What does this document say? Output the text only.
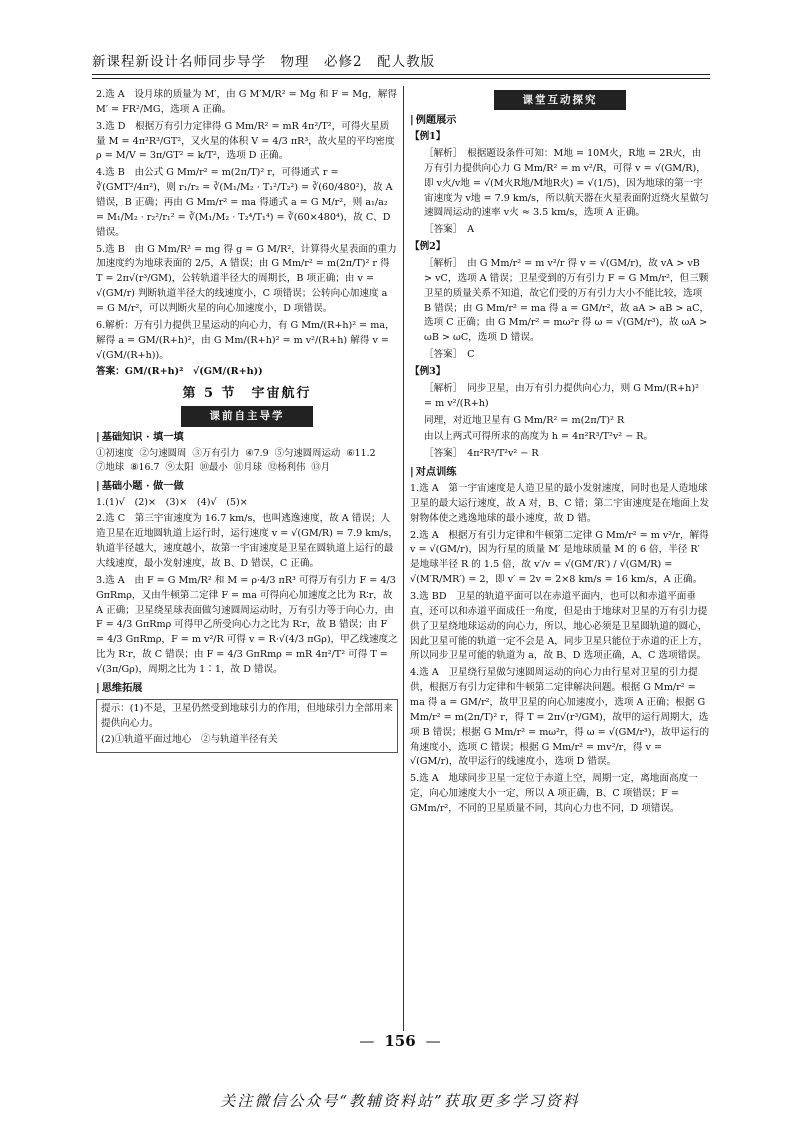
新课程新设计名师同步导学　物理　必修2　配人教版

2.选 A　设月球的质量为 M′，由 G M′M/R² = Mg 和 F = Mg，解得 M′ = FR²/MG，选项 A 正确。

3.选 D　根据万有引力定律得 G Mm/R² = mR 4π²/T²，可得火星质量 M = 4π²R³/GT²，又火星的体积 V = 4/3 πR³，故火星的平均密度 ρ = M/V = 3π/GT² = k/T²，选项 D 正确。

4.选 B　由公式 G Mm/r² = m(2π/T)² r，可得通式 r = ∛(GMT²/4π²)，则 r₁/r₂ = ∛(M₁/M₂ · T₁²/T₂²) = ∛(60/480²)，故 A 错误，B 正确；再由 G Mm/r² = ma 得通式 a = G M/r²，则 a₁/a₂ = M₁/M₂ · r₂²/r₁² = ∛(M₁/M₂ · T₂⁴/T₁⁴) = ∛(60×480⁴)，故 C、D 错误。

5.选 B　由 G Mm/R² = mg 得 g = G M/R²，计算得火星表面的重力加速度约为地球表面的 2/5，A 错误；由 G Mm/r² = m(2π/T)² r 得 T = 2π√(r³/GM)，公转轨道半径大的周期长，B 项正确；由 v = √(GM/r) 判断轨道半径大的线速度小，C 项错误；公转向心加速度 a = G M/r²，可以判断火星的向心加速度小，D 项错误。

6.解析：万有引力提供卫星运动的向心力，有 G Mm/(R+h)² = ma，解得 a = GM/(R+h)²，由 G Mm/(R+h)² = m v²/(R+h) 解得 v = √(GM/(R+h))。

答案：GM/(R+h)²　√(GM/(R+h))

第 5 节　宇宙航行
课前自主导学
| 基础知识 · 填一填
①初速度 ②匀速圆周 ③万有引力 ④7.9 ⑤匀速圆周运动 ⑥11.2
⑦地球 ⑧16.7 ⑨太阳 ⑩最小 ⑪月球 ⑫杨利伟 ⑬月
| 基础小题 · 做一做

1.(1)√　(2)×　(3)×　(4)√　(5)×

2.选 C　第三宇宙速度为 16.7 km/s，也叫逃逸速度，故 A 错误；人造卫星在近地圆轨道上运行时，运行速度 v = √(GM/R) = 7.9 km/s，轨道半径越大，速度越小，故第一宇宙速度是卫星在圆轨道上运行的最大线速度，最小发射速度，故 B、D 错误，C 正确。

3.选 A　由 F = G Mm/R² 和 M = ρ·4/3 πR³ 可得万有引力 F = 4/3 GπRmρ，又由牛顿第二定律 F = ma 可得向心加速度之比为 R∶r，故 A 正确；卫星绕星球表面做匀速圆周运动时，万有引力等于向心力，由 F = 4/3 GπRmρ 可得甲乙所受向心力之比为 R∶r，故 B 错误；由 F = 4/3 GπRmρ，F = m v²/R 可得 v = R·√(4/3 πGρ)，甲乙线速度之比为 R∶r，故 C 错误；由 F = 4/3 GπRmρ = mR 4π²/T² 可得 T = √(3π/Gρ)，周期之比为 1∶1，故 D 错误。

| 思维拓展

提示：(1)不是，卫星仍然受到地球引力的作用，但地球引力全部用来提供向心力。

(2)①轨道平面过地心　②与轨道半径有关

课堂互动探究
| 例题展示

【例1】

［解析］　根据题设条件可知：M地 = 10M火，R地 = 2R火，由万有引力提供向心力 G Mm/R² = m v²/R，可得 v = √(GM/R)，即 v火/v地 = √(M火R地/M地R火) = √(1/5)，因为地球的第一宇宙速度为 v地 = 7.9 km/s，所以航天器在火星表面附近绕火星做匀速圆周运动的速率 v火 ≈ 3.5 km/s，选项 A 正确。

［答案］　A

【例2】

［解析］　由 G Mm/r² = m v²/r 得 v = √(GM/r)，故 vA > vB > vC，选项 A 错误；卫星受到的万有引力 F = G Mm/r²，但三颗卫星的质量关系不知道，故它们受的万有引力大小不能比较，选项 B 错误；由 G Mm/r² = ma 得 a = GM/r²，故 aA > aB > aC，选项 C 正确；由 G Mm/r² = mω²r 得 ω = √(GM/r³)，故 ωA > ωB > ωC，选项 D 错误。

［答案］　C

【例3】

［解析］　同步卫星，由万有引力提供向心力，则 G Mm/(R+h)² = m v²/(R+h)

同理，对近地卫星有 G Mm/R² = m(2π/T)² R

由以上两式可得所求的高度为 h = 4π²R³/T²v² − R。

［答案］　4π²R³/T²v² − R

| 对点训练

1.选 A　第一宇宙速度是人造卫星的最小发射速度，同时也是人造地球卫星的最大运行速度，故 A 对，B、C 错；第二宇宙速度是在地面上发射物体使之逃逸地球的最小速度，故 D 错。

2.选 A　根据万有引力定律和牛顿第二定律 G Mm/r² = m v²/r，解得 v = √(GM/r)，因为行星的质量 M′ 是地球质量 M 的 6 倍，半径 R′ 是地球半径 R 的 1.5 倍，故 v′/v = √(GM′/R′) / √(GM/R) = √(M′R/MR′) = 2，即 v′ = 2v = 2×8 km/s = 16 km/s，A 正确。

3.选 BD　卫星的轨道平面可以在赤道平面内，也可以和赤道平面垂直，还可以和赤道平面成任一角度，但是由于地球对卫星的万有引力提供了卫星绕地球运动的向心力，所以，地心必须是卫星圆轨道的圆心，因此卫星可能的轨道一定不会是 A，同步卫星只能位于赤道的正上方，所以同步卫星可能的轨道为 a，故 B、D 选项正确，A、C 选项错误。

4.选 A　卫星绕行星做匀速圆周运动的向心力由行星对卫星的引力提供，根据万有引力定律和牛顿第二定律解决问题。根据 G Mm/r² = ma 得 a = GM/r²，故甲卫星的向心加速度小，选项 A 正确；根据 G Mm/r² = m(2π/T)² r，得 T = 2π√(r³/GM)，故甲的运行周期大，选项 B 错误；根据 G Mm/r² = mω²r，得 ω = √(GM/r³)，故甲运行的角速度小，选项 C 错误；根据 G Mm/r² = mv²/r，得 v = √(GM/r)，故甲运行的线速度小，选项 D 错误。

5.选 A　地球同步卫星一定位于赤道上空，周期一定，离地面高度一定，向心加速度大小一定，所以 A 项正确，B、C 项错误；F = GMm/r²，不同的卫星质量不同，其向心力也不同，D 项错误。

— 156 —
关注微信公众号“教辅资料站”获取更多学习资料
